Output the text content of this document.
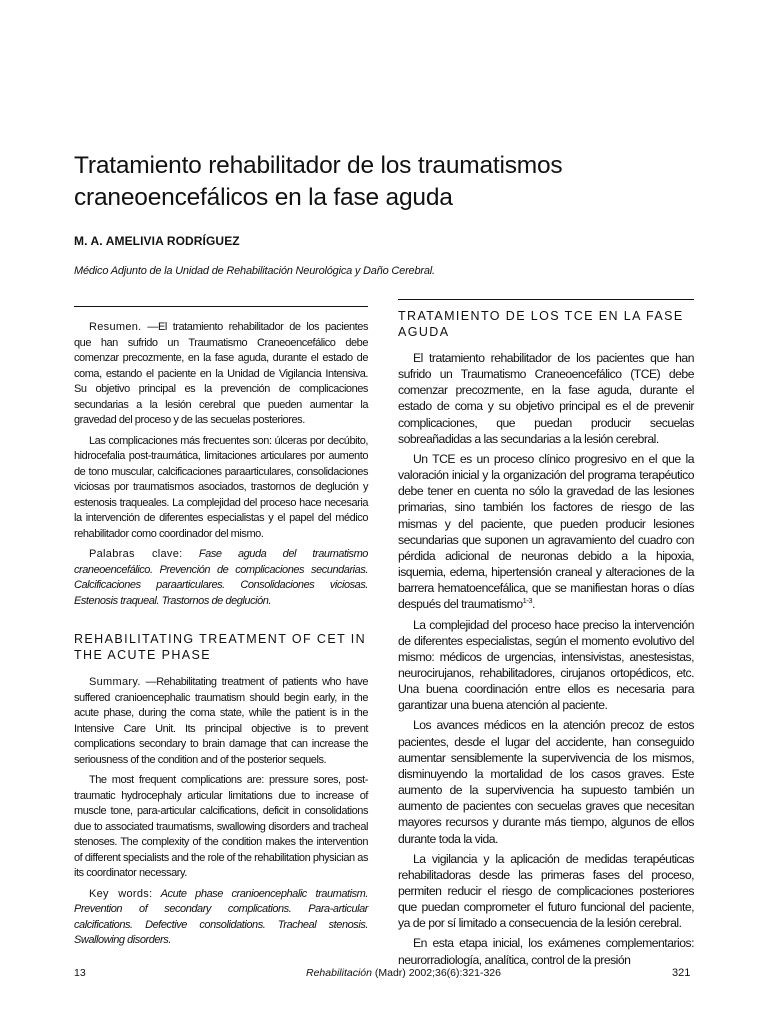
Tratamiento rehabilitador de los traumatismos craneoencefálicos en la fase aguda
M. A. AMELIVIA RODRÍGUEZ
Médico Adjunto de la Unidad de Rehabilitación Neurológica y Daño Cerebral.

Resumen. —El tratamiento rehabilitador de los pacientes que han sufrido un Traumatismo Craneoencefálico debe comenzar precozmente, en la fase aguda, durante el estado de coma, estando el paciente en la Unidad de Vigilancia Intensiva. Su objetivo principal es la prevención de complicaciones secundarias a la lesión cerebral que pueden aumentar la gravedad del proceso y de las secuelas posteriores.

Las complicaciones más frecuentes son: úlceras por decúbito, hidrocefalia post-traumática, limitaciones articulares por aumento de tono muscular, calcificaciones paraarticulares, consolidaciones viciosas por traumatismos asociados, trastornos de deglución y estenosis traqueales. La complejidad del proceso hace necesaria la intervención de diferentes especialistas y el papel del médico rehabilitador como coordinador del mismo.

Palabras clave: Fase aguda del traumatismo craneoencefálico. Prevención de complicaciones secundarias. Calcificaciones paraarticulares. Consolidaciones viciosas. Estenosis traqueal. Trastornos de deglución.

REHABILITATING TREATMENT OF CET IN THE ACUTE PHASE

Summary. —Rehabilitating treatment of patients who have suffered cranioencephalic traumatism should begin early, in the acute phase, during the coma state, while the patient is in the Intensive Care Unit. Its principal objective is to prevent complications secondary to brain damage that can increase the seriousness of the condition and of the posterior sequels.

The most frequent complications are: pressure sores, post-traumatic hydrocephaly articular limitations due to increase of muscle tone, para-articular calcifications, deficit in consolidations due to associated traumatisms, swallowing disorders and tracheal stenoses. The complexity of the condition makes the intervention of different specialists and the role of the rehabilitation physician as its coordinator necessary.

Key words: Acute phase cranioencephalic traumatism. Prevention of secondary complications. Para-articular calcifications. Defective consolidations. Tracheal stenosis. Swallowing disorders.

TRATAMIENTO DE LOS TCE EN LA FASE AGUDA

El tratamiento rehabilitador de los pacientes que han sufrido un Traumatismo Craneoencefálico (TCE) debe comenzar precozmente, en la fase aguda, durante el estado de coma y su objetivo principal es el de prevenir complicaciones, que puedan producir secuelas sobreañadidas a las secundarias a la lesión cerebral.

Un TCE es un proceso clínico progresivo en el que la valoración inicial y la organización del programa terapéutico debe tener en cuenta no sólo la gravedad de las lesiones primarias, sino también los factores de riesgo de las mismas y del paciente, que pueden producir lesiones secundarias que suponen un agravamiento del cuadro con pérdida adicional de neuronas debido a la hipoxia, isquemia, edema, hipertensión craneal y alteraciones de la barrera hematoencefálica, que se manifiestan horas o días después del traumatismo$^{1-3}$.

La complejidad del proceso hace preciso la intervención de diferentes especialistas, según el momento evolutivo del mismo: médicos de urgencias, intensivistas, anestesistas, neurocirujanos, rehabilitadores, cirujanos ortopédicos, etc. Una buena coordinación entre ellos es necesaria para garantizar una buena atención al paciente.

Los avances médicos en la atención precoz de estos pacientes, desde el lugar del accidente, han conseguido aumentar sensiblemente la supervivencia de los mismos, disminuyendo la mortalidad de los casos graves. Este aumento de la supervivencia ha supuesto también un aumento de pacientes con secuelas graves que necesitan mayores recursos y durante más tiempo, algunos de ellos durante toda la vida.

La vigilancia y la aplicación de medidas terapéuticas rehabilitadoras desde las primeras fases del proceso, permiten reducir el riesgo de complicaciones posteriores que puedan comprometer el futuro funcional del paciente, ya de por sí limitado a consecuencia de la lesión cerebral.

En esta etapa inicial, los exámenes complementarios: neurorradiología, analítica, control de la presión

13	Rehabilitación (Madr) 2002;36(6):321-326	321
